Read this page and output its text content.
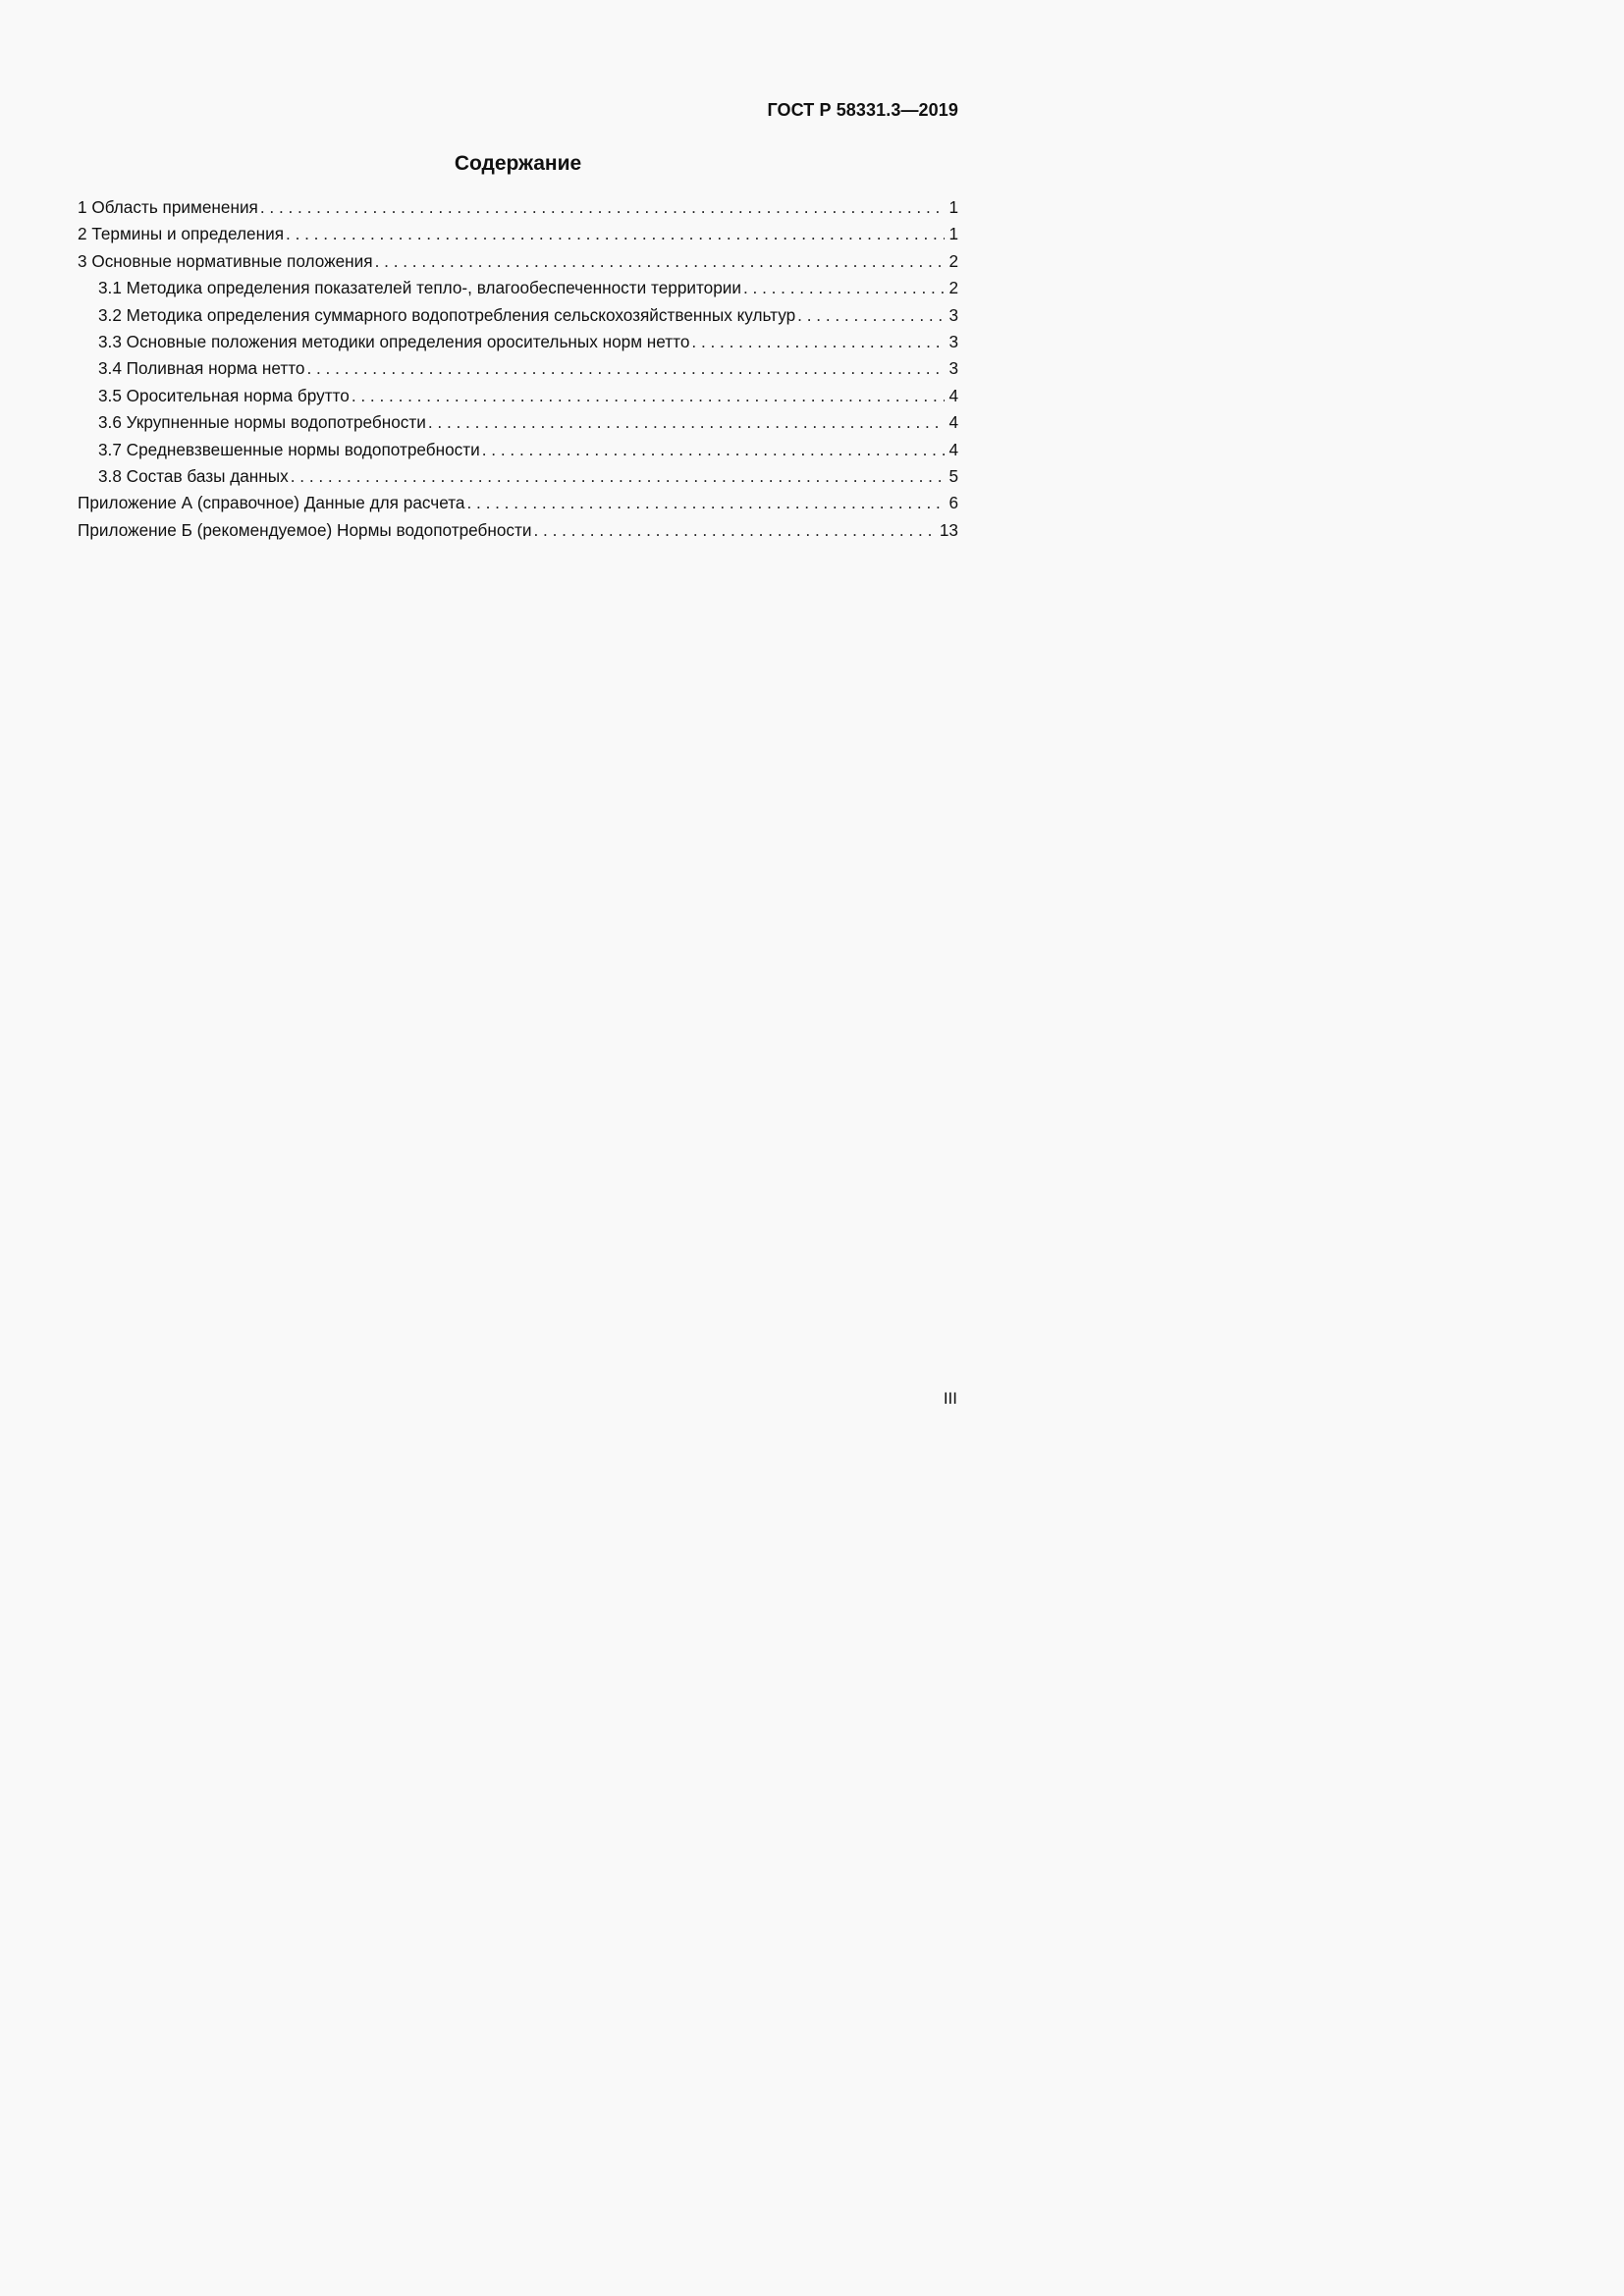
ГОСТ Р 58331.3—2019
Содержание
1 Область применения . . .	1
2 Термины и определения . . .	1
3 Основные нормативные положения . . .	2
3.1 Методика определения показателей тепло-, влагообеспеченности территории . . .	2
3.2 Методика определения суммарного водопотребления сельскохозяйственных культур . . .	3
3.3 Основные положения методики определения оросительных норм нетто . . .	3
3.4 Поливная норма нетто . . .	3
3.5 Оросительная норма брутто . . .	4
3.6 Укрупненные нормы водопотребности . . .	4
3.7 Средневзвешенные нормы водопотребности . . .	4
3.8 Состав базы данных . . .	5
Приложение А (справочное) Данные для расчета . . .	6
Приложение Б (рекомендуемое) Нормы водопотребности . . .	13
III
